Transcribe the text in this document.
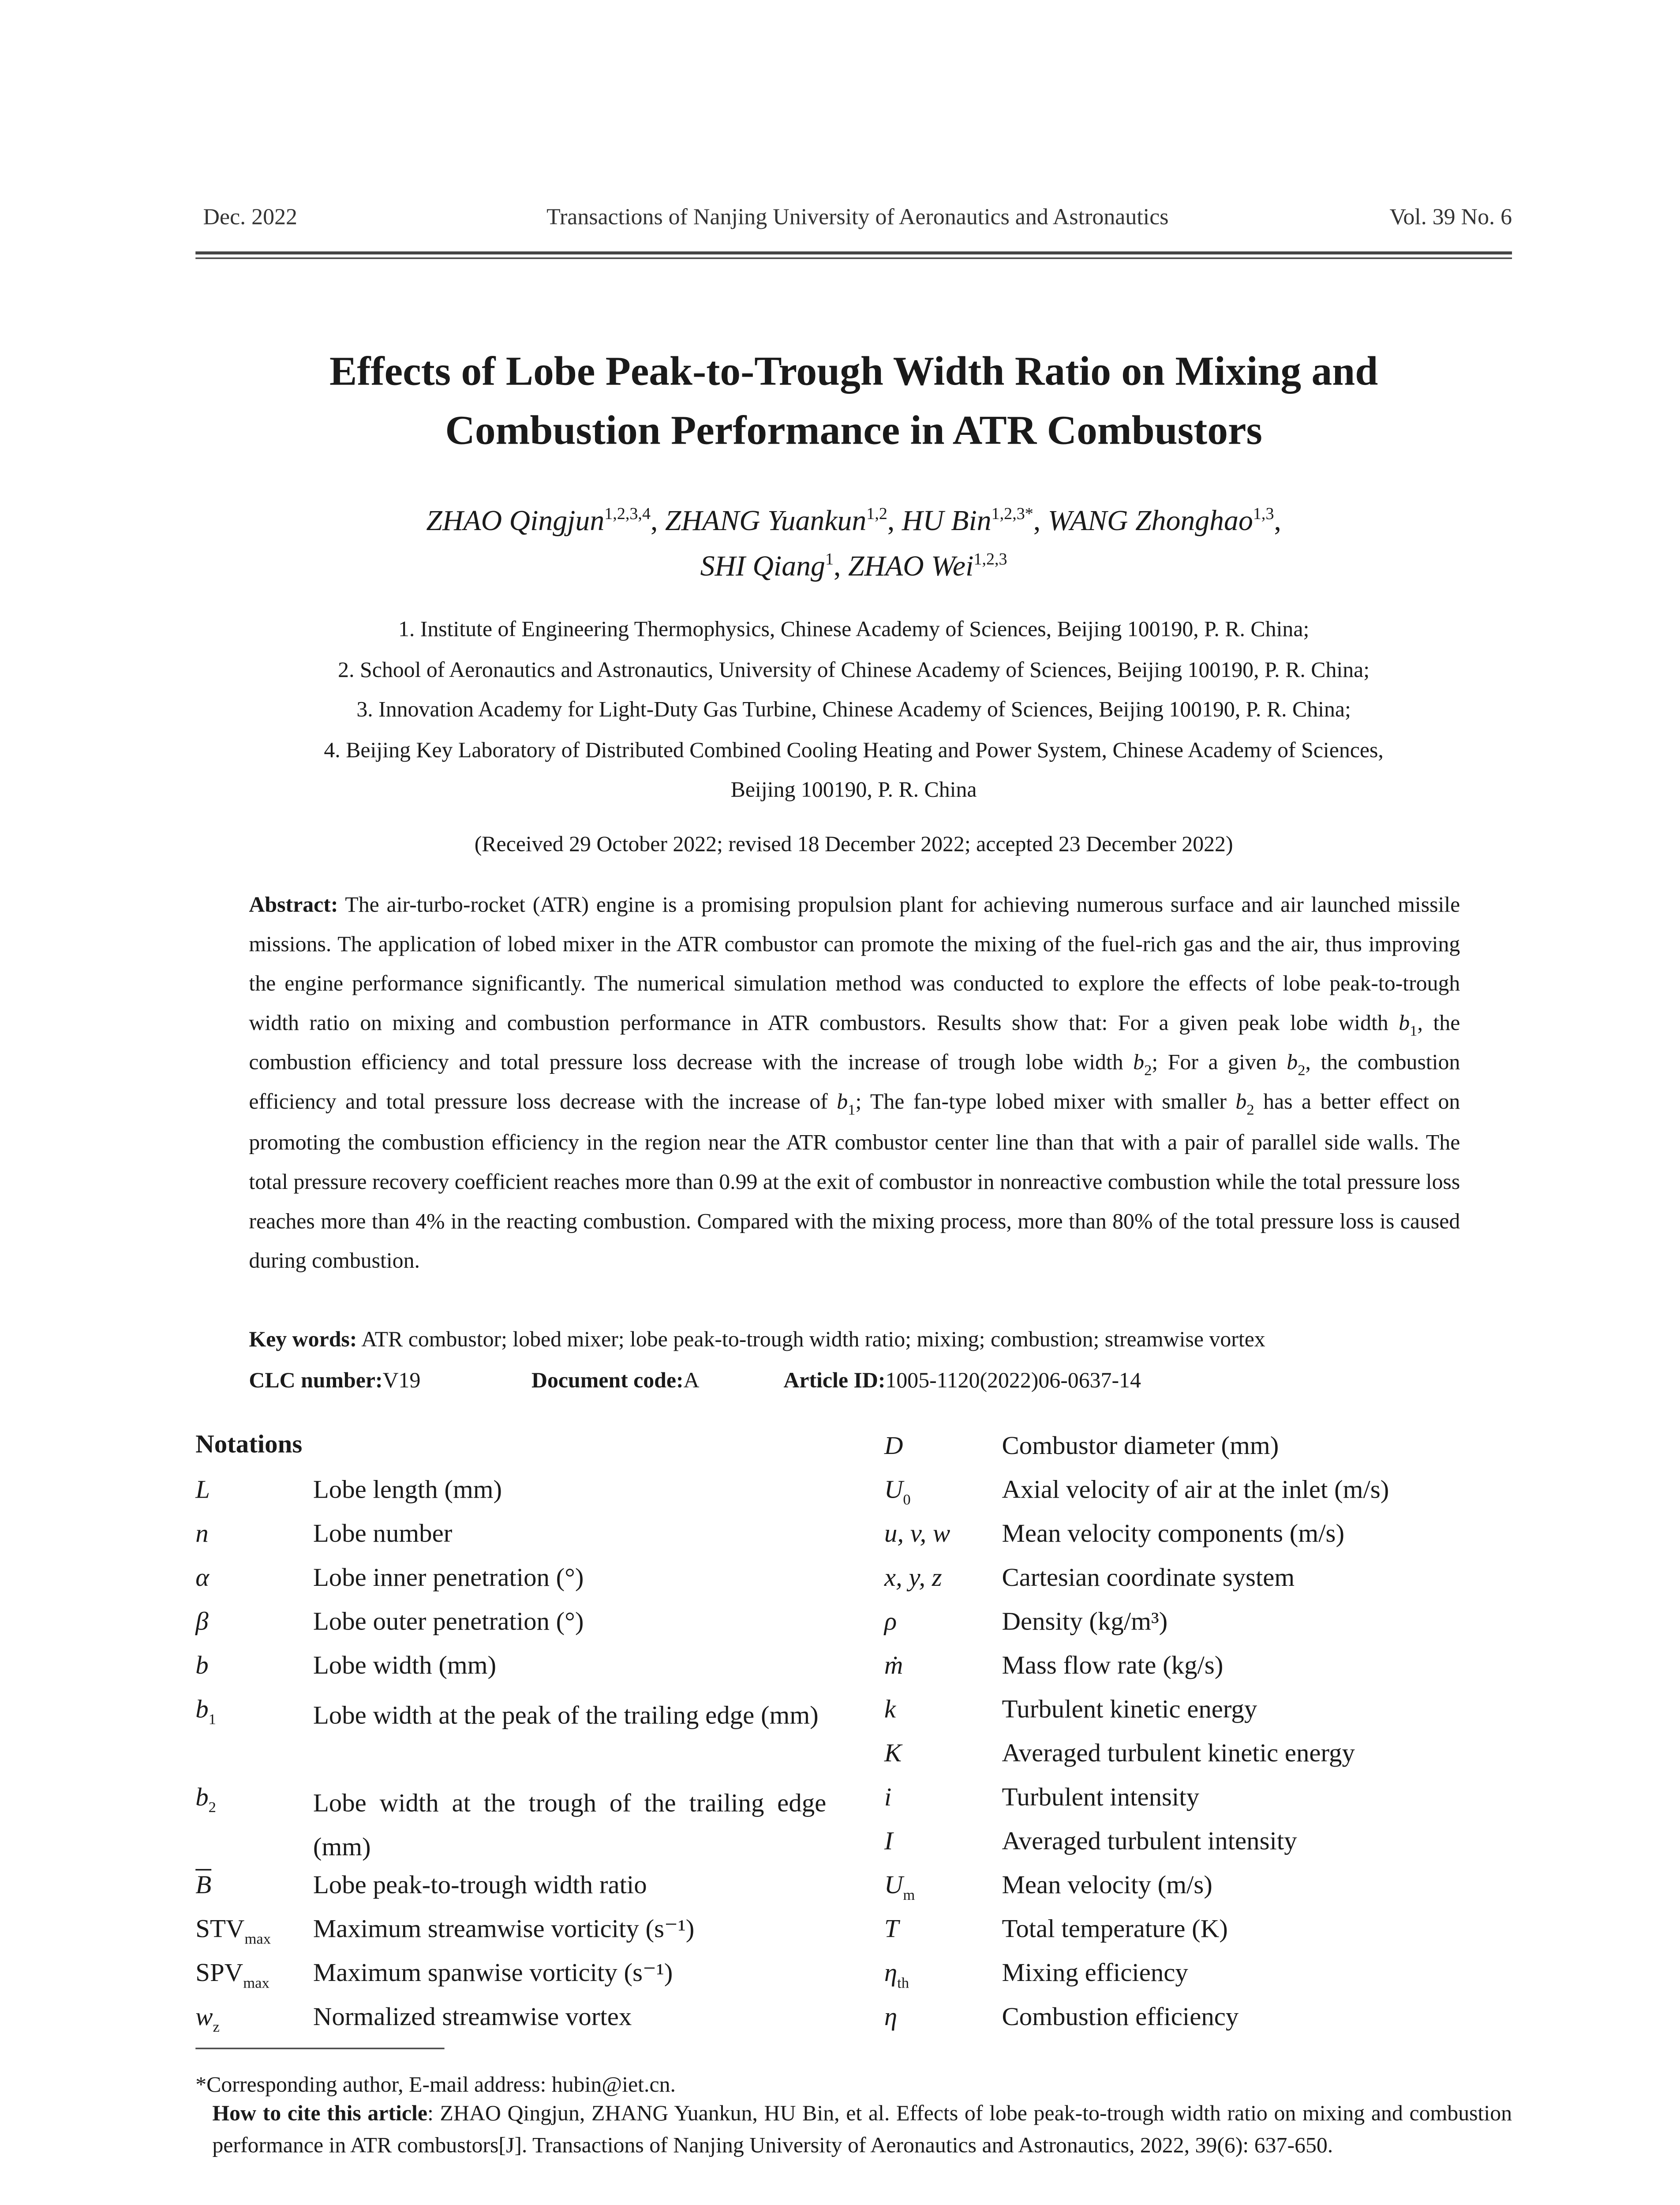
Dec. 2022	Transactions of Nanjing University of Aeronautics and Astronautics	Vol. 39 No. 6
Effects of Lobe Peak-to-Trough Width Ratio on Mixing and
Combustion Performance in ATR Combustors
ZHAO Qingjun$^{1,2,3,4}$, ZHANG Yuankun$^{1,2}$, HU Bin$^{1,2,3*}$, WANG Zhonghao$^{1,3}$,
SHI Qiang$^1$, ZHAO Wei$^{1,2,3}$
1. Institute of Engineering Thermophysics, Chinese Academy of Sciences, Beijing 100190, P. R. China;
2. School of Aeronautics and Astronautics, University of Chinese Academy of Sciences, Beijing 100190, P. R. China;
3. Innovation Academy for Light-Duty Gas Turbine, Chinese Academy of Sciences, Beijing 100190, P. R. China;
4. Beijing Key Laboratory of Distributed Combined Cooling Heating and Power System, Chinese Academy of Sciences,
Beijing 100190, P. R. China
(Received 29 October 2022; revised 18 December 2022; accepted 23 December 2022)
Abstract: The air-turbo-rocket (ATR) engine is a promising propulsion plant for achieving numerous surface and air launched missile missions. The application of lobed mixer in the ATR combustor can promote the mixing of the fuel-rich gas and the air, thus improving the engine performance significantly. The numerical simulation method was conducted to explore the effects of lobe peak-to-trough width ratio on mixing and combustion performance in ATR combustors. Results show that: For a given peak lobe width $b_1$, the combustion efficiency and total pressure loss decrease with the increase of trough lobe width $b_2$; For a given $b_2$, the combustion efficiency and total pressure loss decrease with the increase of $b_1$; The fan-type lobed mixer with smaller $b_2$ has a better effect on promoting the combustion efficiency in the region near the ATR combustor center line than that with a pair of parallel side walls. The total pressure recovery coefficient reaches more than 0.99 at the exit of combustor in nonreactive combustion while the total pressure loss reaches more than 4% in the reacting combustion. Compared with the mixing process, more than 80% of the total pressure loss is caused during combustion.
Key words: ATR combustor; lobed mixer; lobe peak-to-trough width ratio; mixing; combustion; streamwise vortex
CLC number: V19	Document code: A	Article ID: 1005-1120(2022)06-0637-14
Notations
L	Lobe length (mm)
n	Lobe number
α	Lobe inner penetration (°)
β	Lobe outer penetration (°)
b	Lobe width (mm)
$b_1$	Lobe width at the peak of the trailing edge (mm)
$b_2$	Lobe width at the trough of the trailing edge (mm)
$\overline{B}$	Lobe peak-to-trough width ratio
$STV_{max}$	Maximum streamwise vorticity (s⁻¹)
$SPV_{max}$	Maximum spanwise vorticity (s⁻¹)
$w_z$	Normalized streamwise vortex
D	Combustor diameter (mm)
$U_0$	Axial velocity of air at the inlet (m/s)
u, v, w	Mean velocity components (m/s)
x, y, z	Cartesian coordinate system
ρ	Density (kg/m³)
ṁ	Mass flow rate (kg/s)
k	Turbulent kinetic energy
K	Averaged turbulent kinetic energy
i	Turbulent intensity
I	Averaged turbulent intensity
$U_m$	Mean velocity (m/s)
T	Total temperature (K)
$\eta_{th}$	Mixing efficiency
η	Combustion efficiency
*Corresponding author, E-mail address: hubin@iet.cn.
How to cite this article: ZHAO Qingjun, ZHANG Yuankun, HU Bin, et al. Effects of lobe peak-to-trough width ratio on mixing and combustion performance in ATR combustors[J]. Transactions of Nanjing University of Aeronautics and Astronautics, 2022, 39(6): 637-650.
